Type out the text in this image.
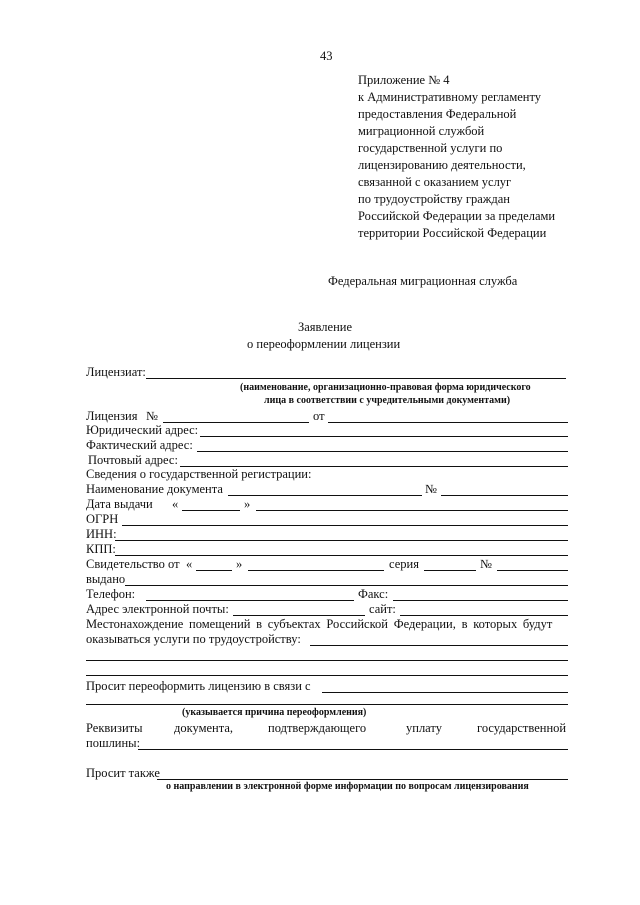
43
Приложение № 4
к Административному регламенту
предоставления Федеральной
миграционной службой
государственной услуги по
лицензированию деятельности,
связанной с оказанием услуг
по трудоустройству граждан
Российской Федерации за пределами
территории Российской Федерации
Федеральная миграционная служба
Заявление
о переоформлении лицензии
Лицензиат:
(наименование, организационно-правовая форма юридического
лица в соответствии с учредительными документами)
Лицензия №	от
Юридический адрес:
Фактический адрес:
Почтовый адрес:
Сведения о государственной регистрации:
Наименование документа	№
Дата выдачи «	»
ОГРН
ИНН:
КПП:
Свидетельство от «	»	серия	№
выдано
Телефон:	Факс:
Адрес электронной почты:	сайт:
Местонахождение помещений в субъектах Российской Федерации, в которых будут
оказываться услуги по трудоустройству:
Просит переоформить лицензию в связи с
(указывается причина переоформления)
Реквизиты	документа,	подтверждающего	уплату	государственной
пошлины:
Просит также
о направлении в электронной форме информации по вопросам лицензирования
